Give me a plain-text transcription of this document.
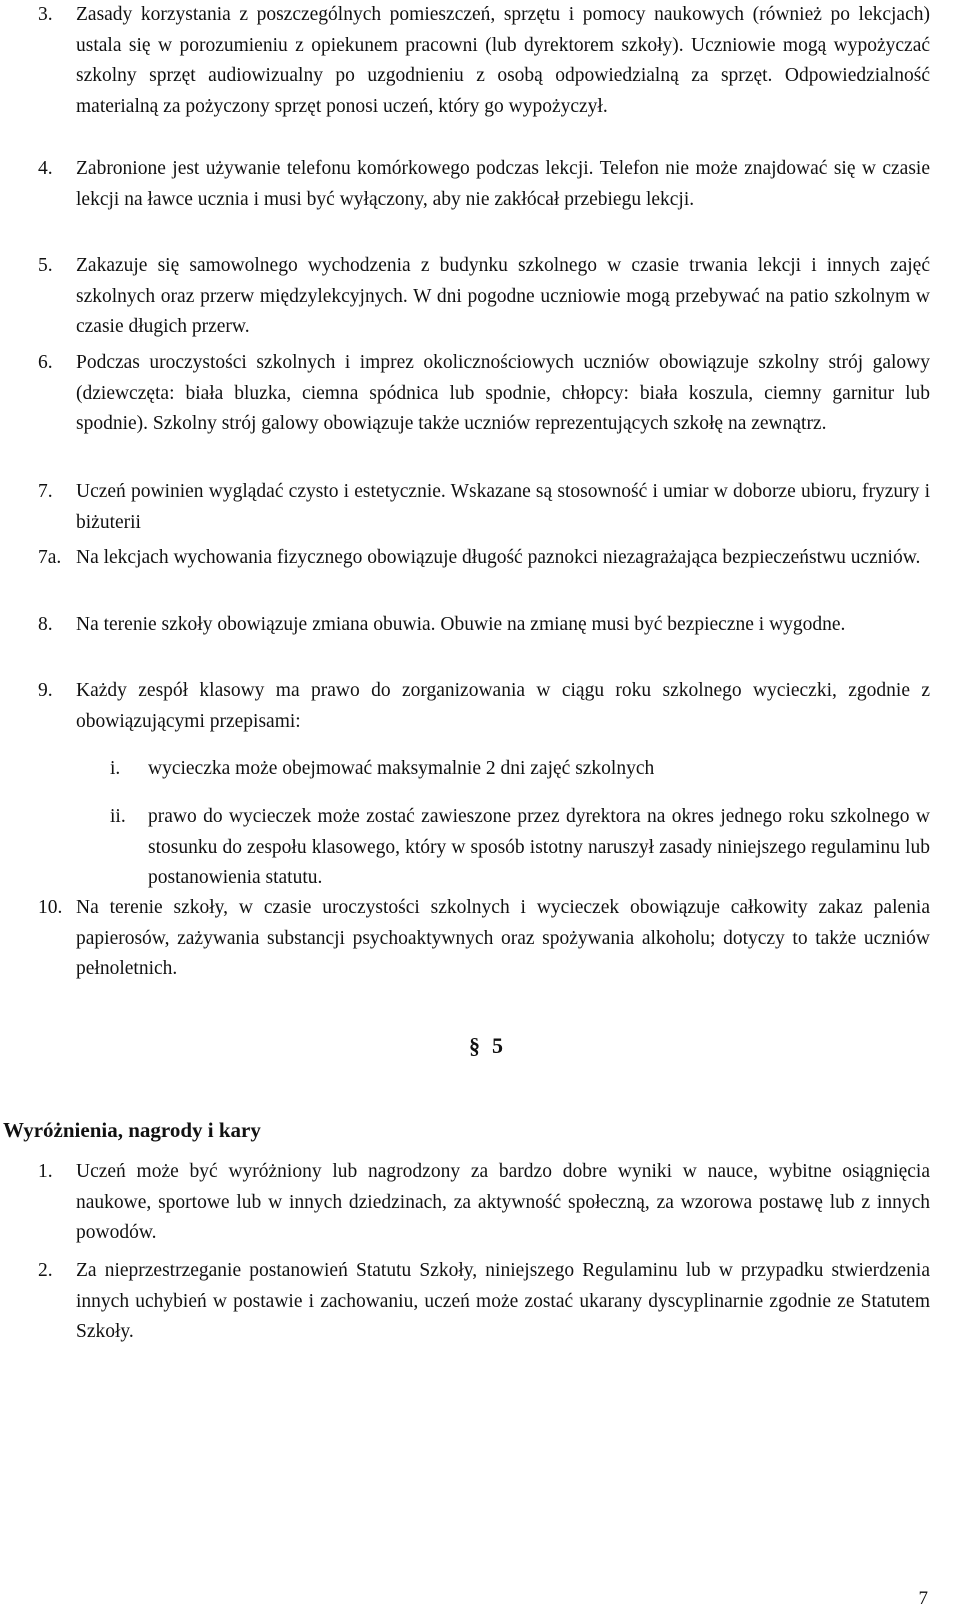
3. Zasady korzystania z poszczególnych pomieszczeń, sprzętu i pomocy naukowych (również po lekcjach) ustala się w porozumieniu z opiekunem pracowni (lub dyrektorem szkoły). Uczniowie mogą wypożyczać szkolny sprzęt audiowizualny po uzgodnieniu z osobą odpowiedzialną za sprzęt. Odpowiedzialność materialną za pożyczony sprzęt ponosi uczeń, który go wypożyczył.
4. Zabronione jest używanie telefonu komórkowego podczas lekcji. Telefon nie może znajdować się w czasie lekcji na ławce ucznia i musi być wyłączony, aby nie zakłócał przebiegu lekcji.
5. Zakazuje się samowolnego wychodzenia z budynku szkolnego w czasie trwania lekcji i innych zajęć szkolnych oraz przerw międzylekcyjnych. W dni pogodne uczniowie mogą przebywać na patio szkolnym w czasie długich przerw.
6. Podczas uroczystości szkolnych i imprez okolicznościowych uczniów obowiązuje szkolny strój galowy (dziewczęta: biała bluzka, ciemna spódnica lub spodnie, chłopcy: biała koszula, ciemny garnitur lub spodnie). Szkolny strój galowy obowiązuje także uczniów reprezentujących szkołę na zewnątrz.
7. Uczeń powinien wyglądać czysto i estetycznie. Wskazane są stosowność i umiar w doborze ubioru, fryzury i biżuterii
7a. Na lekcjach wychowania fizycznego obowiązuje długość paznokci niezagrażająca bezpieczeństwu uczniów.
8. Na terenie szkoły obowiązuje zmiana obuwia. Obuwie na zmianę musi być bezpieczne i wygodne.
9. Każdy zespół klasowy ma prawo do zorganizowania w ciągu roku szkolnego wycieczki, zgodnie z obowiązującymi przepisami:
i. wycieczka może obejmować maksymalnie 2 dni zajęć szkolnych
ii. prawo do wycieczek może zostać zawieszone przez dyrektora na okres jednego roku szkolnego w stosunku do zespołu klasowego, który w sposób istotny naruszył zasady niniejszego regulaminu lub postanowienia statutu.
10. Na terenie szkoły, w czasie uroczystości szkolnych i wycieczek obowiązuje całkowity zakaz palenia papierosów, zażywania substancji psychoaktywnych oraz spożywania alkoholu; dotyczy to także uczniów pełnoletnich.
§ 5
Wyróżnienia, nagrody i kary
1. Uczeń może być wyróżniony lub nagrodzony za bardzo dobre wyniki w nauce, wybitne osiągnięcia naukowe, sportowe lub w innych dziedzinach, za aktywność społeczną, za wzorowa postawę lub z innych powodów.
2. Za nieprzestrzeganie postanowień Statutu Szkoły, niniejszego Regulaminu lub w przypadku stwierdzenia innych uchybień w postawie i zachowaniu, uczeń może zostać ukarany dyscyplinarnie zgodnie ze Statutem Szkoły.
7
